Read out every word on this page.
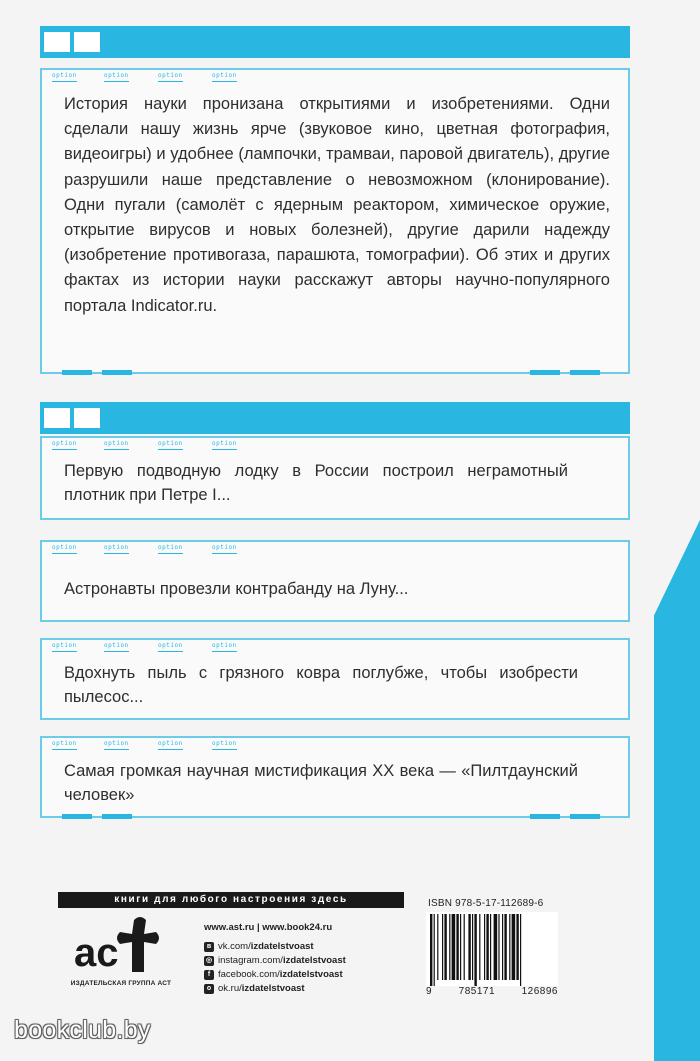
option	option	option	option
История науки пронизана открытиями и изобретениями. Одни сделали нашу жизнь ярче (звуковое кино, цветная фотография, видеоигры) и удобнее (лампочки, трамваи, паровой двигатель), другие разрушили наше представление о невозможном (клонирование). Одни пугали (самолёт с ядерным реактором, химическое оружие, открытие вирусов и новых болезней), другие дарили надежду (изобретение противогаза, парашюта, томографии). Об этих и других фактах из истории науки расскажут авторы научно-популярного портала Indicator.ru.
option	option	option	option
Первую подводную лодку в России построил неграмотный плотник при Петре I...
option	option	option	option
Астронавты провезли контрабанду на Луну...
option	option	option	option
Вдохнуть пыль с грязного ковра поглубже, чтобы изобрести пылесос...
option	option	option	option
Самая громкая научная мистификация XX века — «Пилтдаунский человек»
книги для любого настроения здесь
ac
ИЗДАТЕЛЬСКАЯ ГРУППА АСТ
www.ast.ru | www.book24.ru
в vk.com/ izdatelstvoast
◎ instagram.com/ izdatelstvoast
f facebook.com/ izdatelstvoast
о ok.ru/ izdatelstvoast
ISBN 978-5-17-112689-6
9	785171	126896
bookclub.by
